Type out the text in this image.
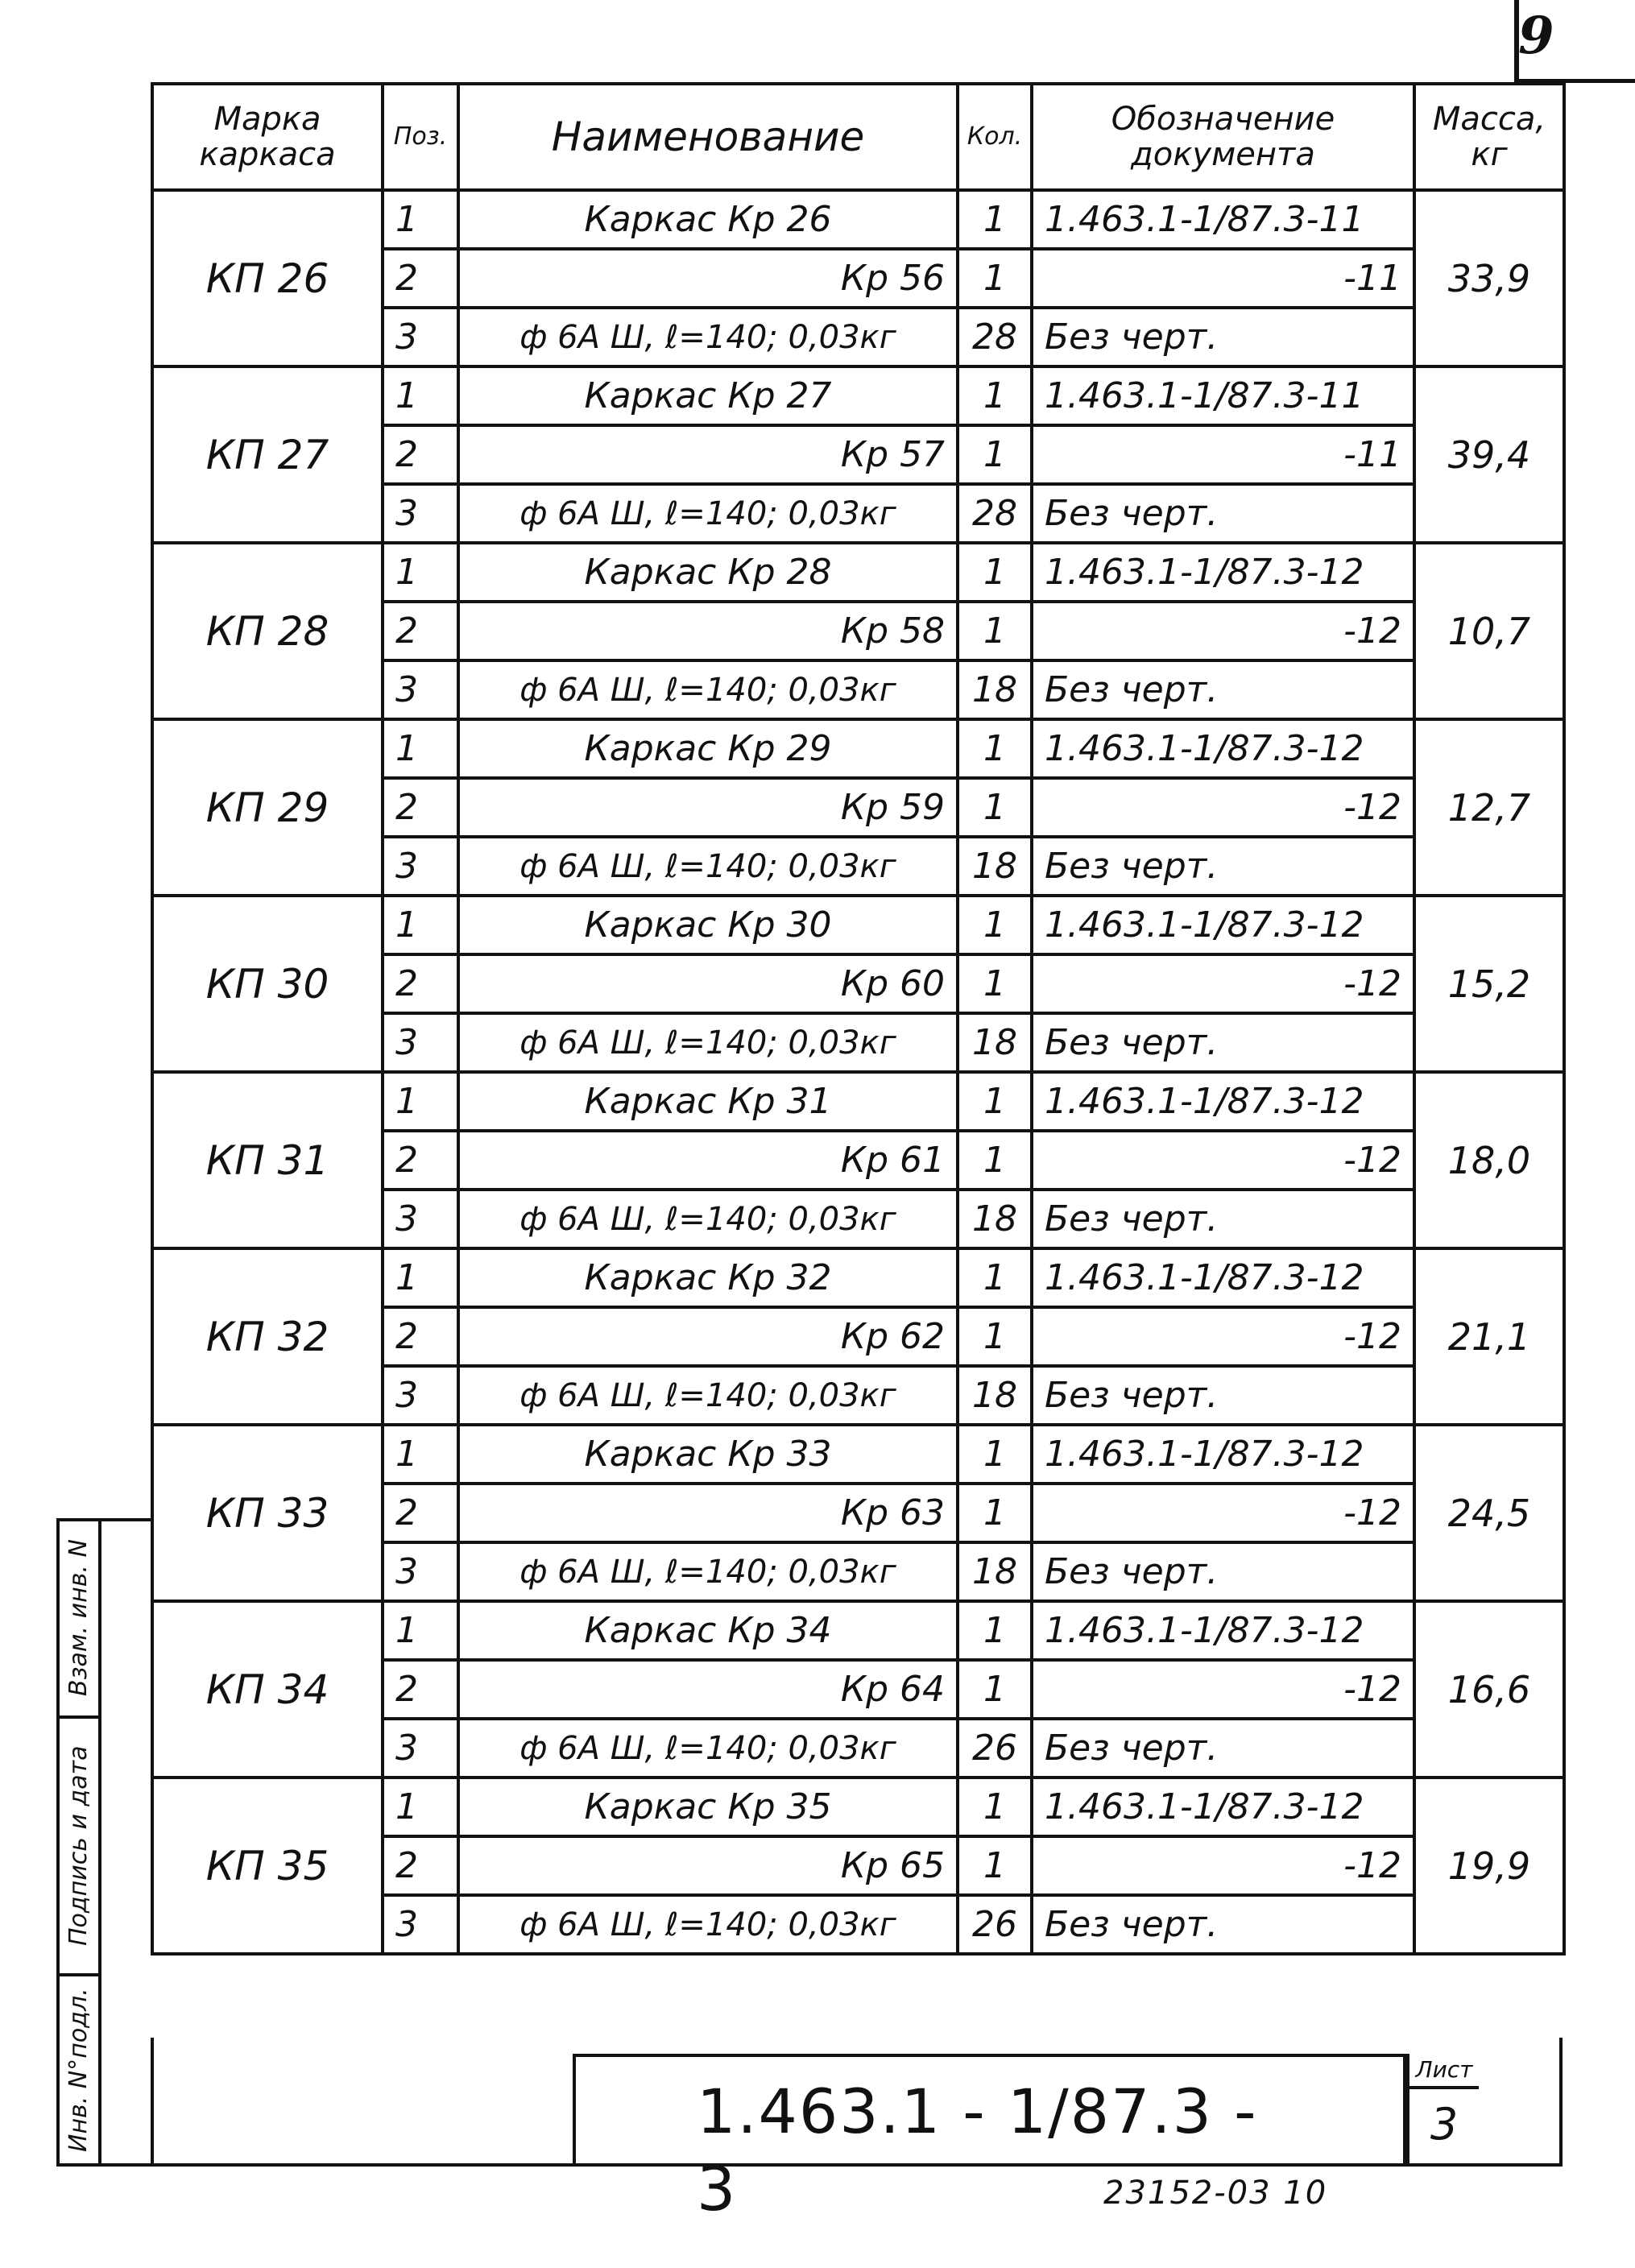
9
Марка каркаса	Поз.	Наименование	Кол.	Обозначение документа	Масса, кг
КП 26	1	Каркас Кр 26	1	1.463.1-1/87.3-11	33,9
	2	Кр 56	1	-11	
	3	ф 6А Ш, ℓ=140; 0,03кг	28	Без черт.	
КП 27	1	Каркас Кр 27	1	1.463.1-1/87.3-11	39,4
	2	Кр 57	1	-11	
	3	ф 6А Ш, ℓ=140; 0,03кг	28	Без черт.	
КП 28	1	Каркас Кр 28	1	1.463.1-1/87.3-12	10,7
	2	Кр 58	1	-12	
	3	ф 6А Ш, ℓ=140; 0,03кг	18	Без черт.	
КП 29	1	Каркас Кр 29	1	1.463.1-1/87.3-12	12,7
	2	Кр 59	1	-12	
	3	ф 6А Ш, ℓ=140; 0,03кг	18	Без черт.	
КП 30	1	Каркас Кр 30	1	1.463.1-1/87.3-12	15,2
	2	Кр 60	1	-12	
	3	ф 6А Ш, ℓ=140; 0,03кг	18	Без черт.	
КП 31	1	Каркас Кр 31	1	1.463.1-1/87.3-12	18,0
	2	Кр 61	1	-12	
	3	ф 6А Ш, ℓ=140; 0,03кг	18	Без черт.	
КП 32	1	Каркас Кр 32	1	1.463.1-1/87.3-12	21,1
	2	Кр 62	1	-12	
	3	ф 6А Ш, ℓ=140; 0,03кг	18	Без черт.	
КП 33	1	Каркас Кр 33	1	1.463.1-1/87.3-12	24,5
	2	Кр 63	1	-12	
	3	ф 6А Ш, ℓ=140; 0,03кг	18	Без черт.	
КП 34	1	Каркас Кр 34	1	1.463.1-1/87.3-12	16,6
	2	Кр 64	1	-12	
	3	ф 6А Ш, ℓ=140; 0,03кг	26	Без черт.	
КП 35	1	Каркас Кр 35	1	1.463.1-1/87.3-12	19,9
	2	Кр 65	1	-12	
	3	ф 6А Ш, ℓ=140; 0,03кг	26	Без черт.	
Взам. инв. N
Подпись и дата
Инв. N°подл.	1.463.1 - 1/87.3 - 3
Лист
3
23152-03 10
